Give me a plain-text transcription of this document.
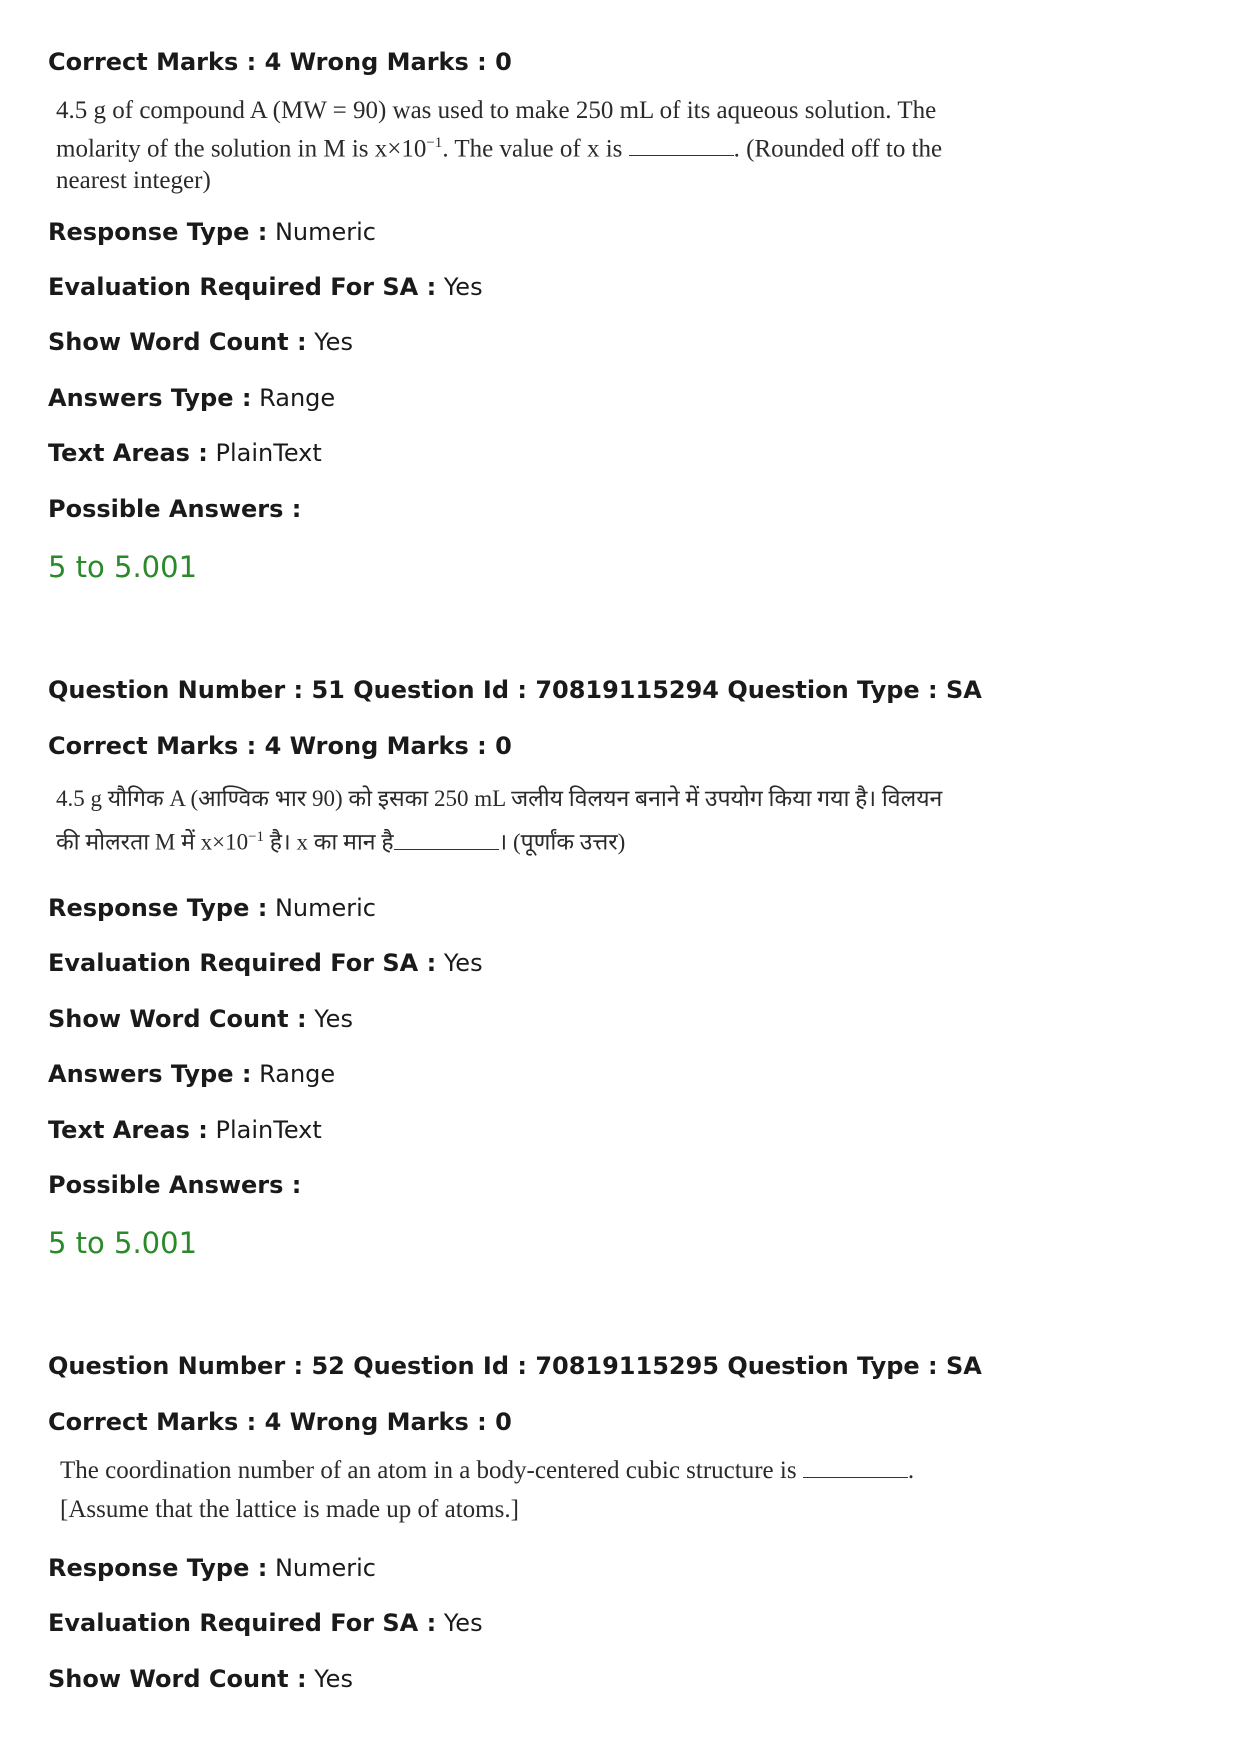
Correct Marks : 4 Wrong Marks : 0
4.5 g of compound A (MW = 90) was used to make 250 mL of its aqueous solution. The
molarity of the solution in M is $x\times 10^{-1}$. The value of x is	. (Rounded off to the
nearest integer)
Response Type : Numeric
Evaluation Required For SA : Yes
Show Word Count : Yes
Answers Type : Range
Text Areas : PlainText
Possible Answers :
5 to 5.001
Question Number : 51 Question Id : 70819115294 Question Type : SA
Correct Marks : 4 Wrong Marks : 0
4.5 g यौगिक A (आण्विक भार 90) को इसका 250 mL जलीय विलयन बनाने में उपयोग किया गया है। विलयन
की मोलरता M में $x\times 10^{-1}$ है। x का मान है	। (पूर्णांक उत्तर)
Response Type : Numeric
Evaluation Required For SA : Yes
Show Word Count : Yes
Answers Type : Range
Text Areas : PlainText
Possible Answers :
5 to 5.001
Question Number : 52 Question Id : 70819115295 Question Type : SA
Correct Marks : 4 Wrong Marks : 0
The coordination number of an atom in a body-centered cubic structure is	.
[Assume that the lattice is made up of atoms.]
Response Type : Numeric
Evaluation Required For SA : Yes
Show Word Count : Yes
